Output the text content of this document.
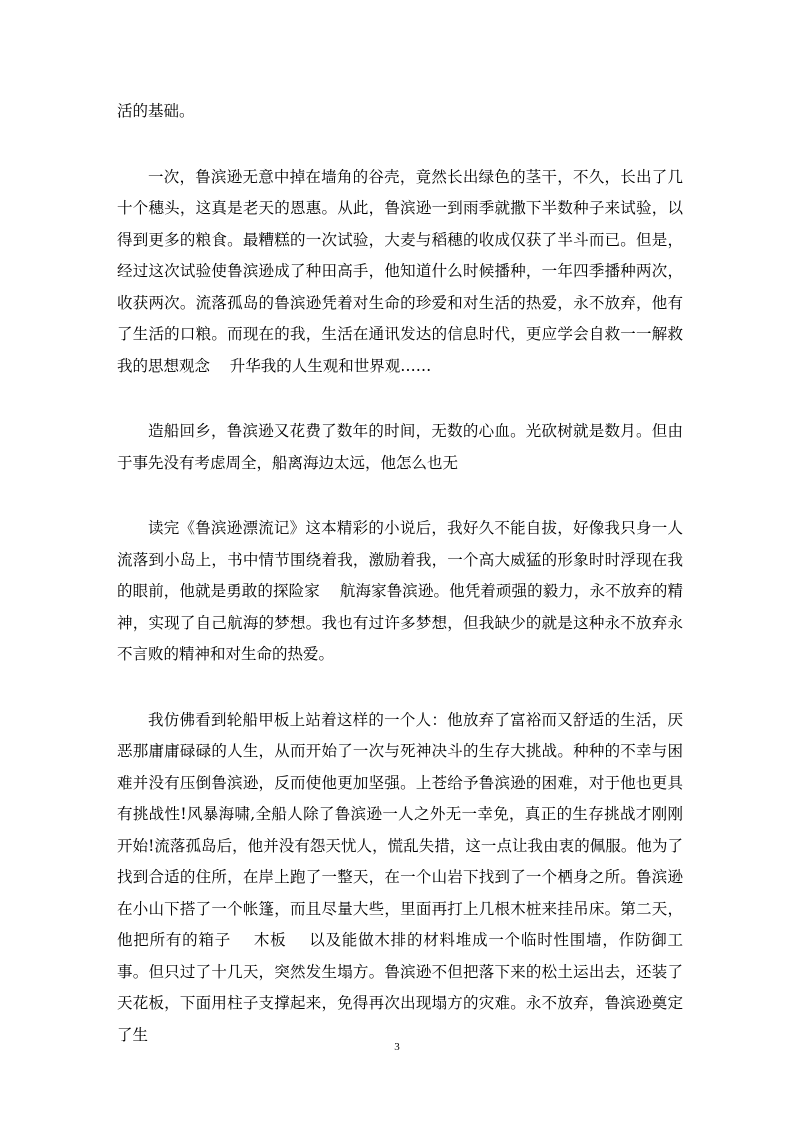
活的基础。

一次，鲁滨逊无意中掉在墙角的谷壳，竟然长出绿色的茎干，不久，长出了几十个穗头，这真是老天的恩惠。从此，鲁滨逊一到雨季就撒下半数种子来试验，以得到更多的粮食。最糟糕的一次试验，大麦与稻穗的收成仅获了半斗而已。但是，经过这次试验使鲁滨逊成了种田高手，他知道什么时候播种，一年四季播种两次，收获两次。流落孤岛的鲁滨逊凭着对生命的珍爱和对生活的热爱，永不放弃，他有了生活的口粮。而现在的我，生活在通讯发达的信息时代，更应学会自救一一解救我的思想观念    升华我的人生观和世界观……

造船回乡，鲁滨逊又花费了数年的时间，无数的心血。光砍树就是数月。但由于事先没有考虑周全，船离海边太远，他怎么也无

读完《鲁滨逊漂流记》这本精彩的小说后，我好久不能自拔，好像我只身一人流落到小岛上，书中情节围绕着我，激励着我，一个高大威猛的形象时时浮现在我的眼前，他就是勇敢的探险家    航海家鲁滨逊。他凭着顽强的毅力，永不放弃的精神，实现了自己航海的梦想。我也有过许多梦想，但我缺少的就是这种永不放弃永不言败的精神和对生命的热爱。

我仿佛看到轮船甲板上站着这样的一个人：他放弃了富裕而又舒适的生活，厌恶那庸庸碌碌的人生，从而开始了一次与死神决斗的生存大挑战。种种的不幸与困难并没有压倒鲁滨逊，反而使他更加坚强。上苍给予鲁滨逊的困难，对于他也更具有挑战性!风暴海啸,全船人除了鲁滨逊一人之外无一幸免，真正的生存挑战才刚刚开始!流落孤岛后，他并没有怨天忧人，慌乱失措，这一点让我由衷的佩服。他为了找到合适的住所，在岸上跑了一整天，在一个山岩下找到了一个栖身之所。鲁滨逊在小山下搭了一个帐篷，而且尽量大些，里面再打上几根木桩来挂吊床。第二天，他把所有的箱子    木板    以及能做木排的材料堆成一个临时性围墙，作防御工事。但只过了十几天，突然发生塌方。鲁滨逊不但把落下来的松土运出去，还装了天花板，下面用柱子支撑起来，免得再次出现塌方的灾难。永不放弃，鲁滨逊奠定了生

3
